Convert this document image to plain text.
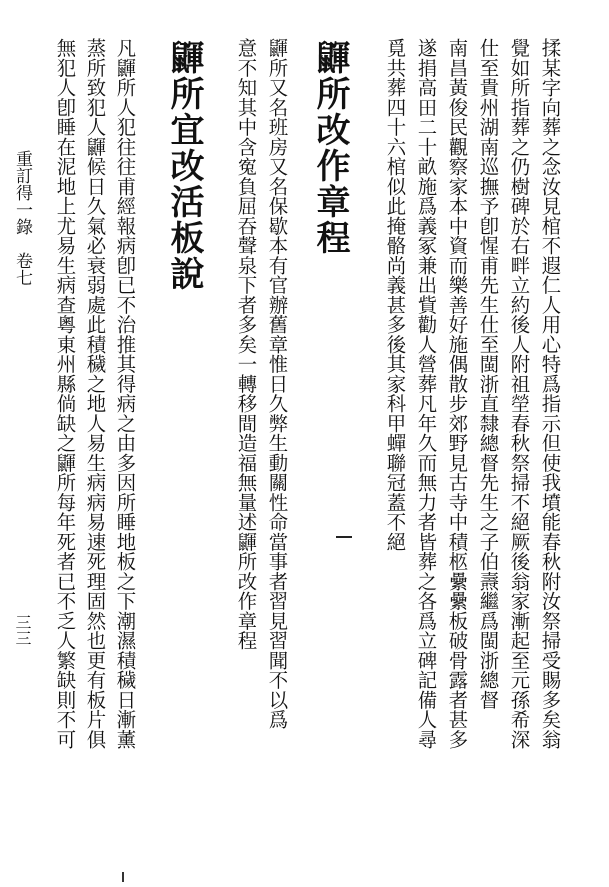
揉某字向葬之念汝見棺不遐仁人用心特爲指示但使我墳能春秋附汝祭掃受賜多矣翁
覺如所指葬之仍樹碑於右畔立約後人附祖塋春秋祭掃不絕厥後翁家漸起至元孫希深
仕至貴州湖南巡撫予卽惺甫先生仕至閩浙直隸總督先生之子伯燾繼爲閩浙總督
南昌黃俊民觀察家本中資而樂善好施偶散步郊野見古寺中積柩纍纍板破骨露者甚多
遂捐高田二十畝施爲義冢兼出貲勸人營葬凡年久而無力者皆葬之各爲立碑記備人尋
覓共葬四十六棺似此掩骼尚義甚多後其家科甲蟬聯冠蓋不絕
鼲所改作章程
鼲所又名班房又名保歇本有官辦舊章惟日久弊生動關性命當事者習見習聞不以爲
意不知其中含寃負屈吞聲泉下者多矣一轉移間造福無量述鼲所改作章程
鼲所宜改活板說
凡鼲所人犯往往甫經報病卽已不治推其得病之由多因所睡地板之下潮濕積穢日漸薰
蒸所致犯人鼲候日久氣必衰弱處此積穢之地人易生病病易速死理固然也更有板片俱
無犯人卽睡在泥地上尤易生病查粵東州縣倘缺之鼲所每年死者已不乏人繁缺則不可
重訂得一錄　卷七
三三
